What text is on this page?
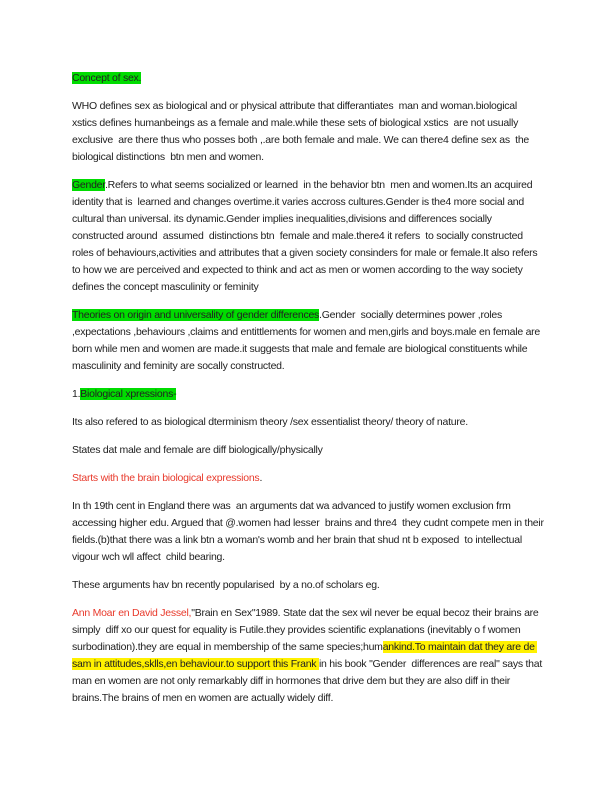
Concept of sex.

WHO defines sex as biological and or physical attribute that differantiates  man and woman.biological xstics defines humanbeings as a female and male.while these sets of biological xstics  are not usually exclusive  are there thus who posses both ,.are both female and male. We can there4 define sex as  the biological distinctions  btn men and women.

Gender.Refers to what seems socialized or learned  in the behavior btn  men and women.Its an acquired identity that is  learned and changes overtime.it varies accross cultures.Gender is the4 more social and cultural than universal. its dynamic.Gender implies inequalities,divisions and differences socially constructed around  assumed  distinctions btn  female and male.there4 it refers  to socially constructed roles of behaviours,activities and attributes that a given society consinders for male or female.It also refers to how we are perceived and expected to think and act as men or women according to the way society defines the concept masculinity or feminity

Theories on origin and universality of gender differences.Gender  socially determines power ,roles ,expectations ,behaviours ,claims and entittlements for women and men,girls and boys.male en female are born while men and women are made.it suggests that male and female are biological constituents while masculinity and feminity are socally constructed.

1.Biological xpressions-

Its also refered to as biological dterminism theory /sex essentialist theory/ theory of nature.

States dat male and female are diff biologically/physically

Starts with the brain biological expressions.

In th 19th cent in England there was  an arguments dat wa advanced to justify women exclusion frm accessing higher edu. Argued that @.women had lesser  brains and thre4  they cudnt compete men in their fields.(b)that there was a link btn a woman's womb and her brain that shud nt b exposed  to intellectual vigour wch wll affect  child bearing.

These arguments hav bn recently popularised  by a no.of scholars eg.

Ann Moar en David Jessel,"Brain en Sex"1989. State dat the sex wil never be equal becoz their brains are simply  diff xo our quest for equality is Futile.they provides scientific explanations (inevitably o f women surbodination).they are equal in membership of the same species;humankind.To maintain dat they are de sam in attitudes,sklls,en behaviour.to support this Frank in his book "Gender  differences are real" says that man en women are not only remarkably diff in hormones that drive dem but they are also diff in their brains.The brains of men en women are actually widely diff.
